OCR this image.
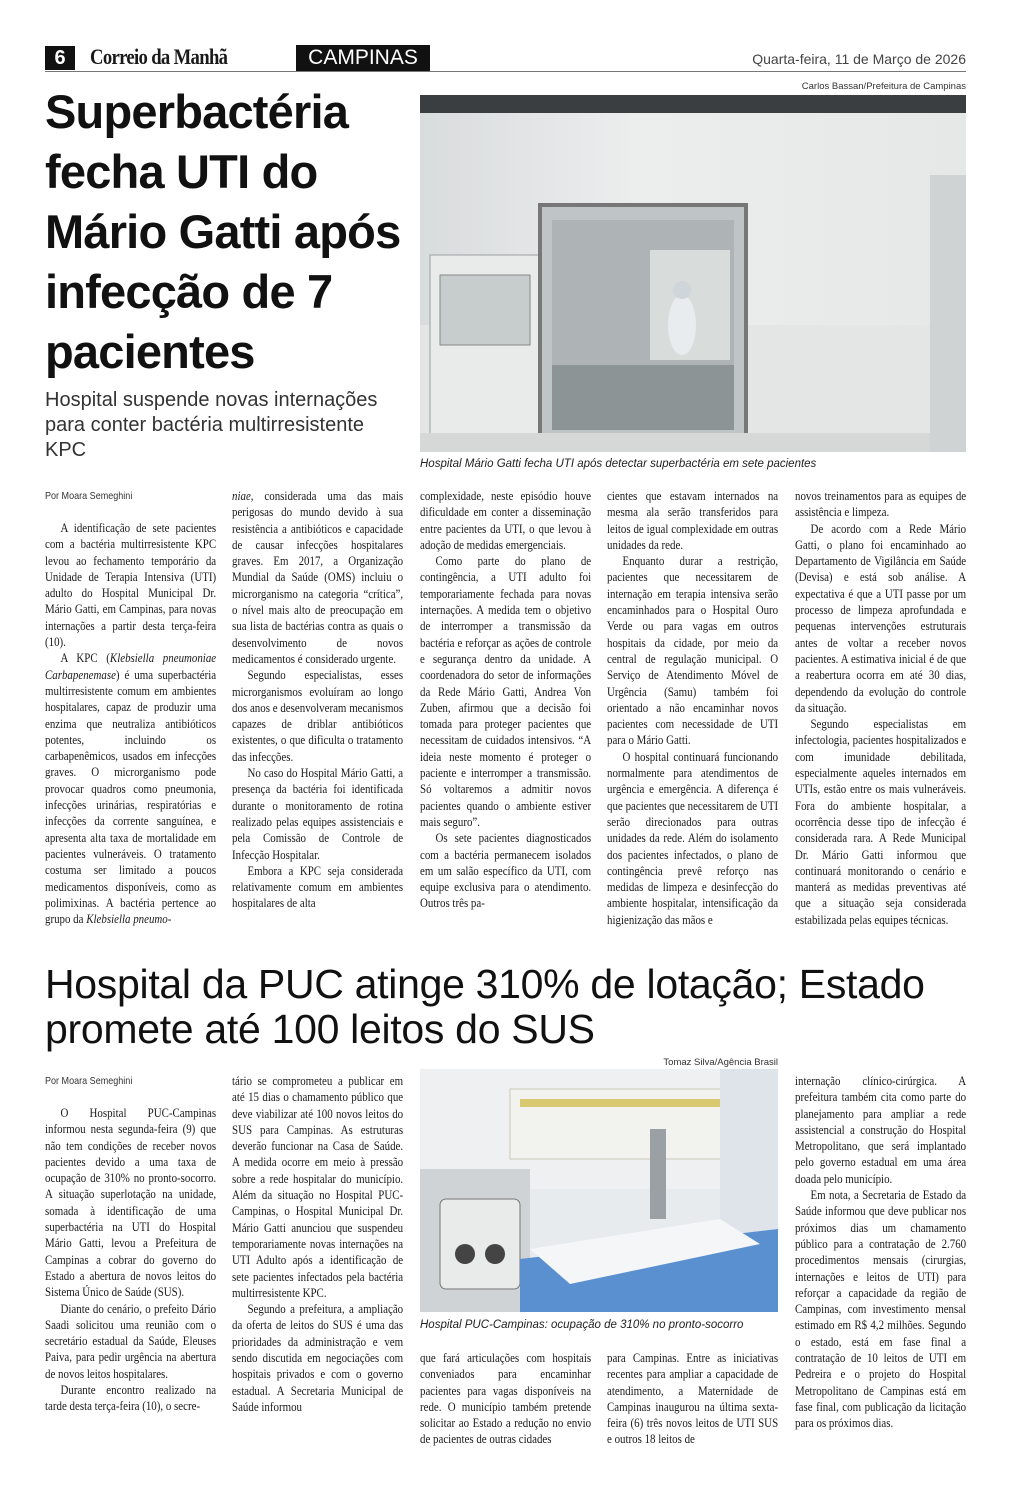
6	Correio da Manhã	CAMPINAS	Quarta-feira, 11 de Março de 2026
Superbactéria fecha UTI do Mário Gatti após infecção de 7 pacientes
Hospital suspende novas internações para conter bactéria multirresistente KPC
Carlos Bassan/Prefeitura de Campinas
Hospital Mário Gatti fecha UTI após detectar superbactéria em sete pacientes
Por Moara Semeghini

A identificação de sete pacientes com a bactéria multirresistente KPC levou ao fechamento temporário da Unidade de Terapia Intensiva (UTI) adulto do Hospital Municipal Dr. Mário Gatti, em Campinas, para novas internações a partir desta terça-feira (10).

A KPC (Klebsiella pneumoniae Carbapenemase) é uma superbactéria multirresistente comum em ambientes hospitalares, capaz de produzir uma enzima que neutraliza antibióticos potentes, incluindo os carbapenêmicos, usados em infecções graves. O microrganismo pode provocar quadros como pneumonia, infecções urinárias, respiratórias e infecções da corrente sanguínea, e apresenta alta taxa de mortalidade em pacientes vulneráveis. O tratamento costuma ser limitado a poucos medicamentos disponíveis, como as polimixinas. A bactéria pertence ao grupo da Klebsiella pneumo-

niae, considerada uma das mais perigosas do mundo devido à sua resistência a antibióticos e capacidade de causar infecções hospitalares graves. Em 2017, a Organização Mundial da Saúde (OMS) incluiu o microrganismo na categoria “crítica”, o nível mais alto de preocupação em sua lista de bactérias contra as quais o desenvolvimento de novos medicamentos é considerado urgente.

Segundo especialistas, esses microrganismos evoluíram ao longo dos anos e desenvolveram mecanismos capazes de driblar antibióticos existentes, o que dificulta o tratamento das infecções.

No caso do Hospital Mário Gatti, a presença da bactéria foi identificada durante o monitoramento de rotina realizado pelas equipes assistenciais e pela Comissão de Controle de Infecção Hospitalar.

Embora a KPC seja considerada relativamente comum em ambientes hospitalares de alta

complexidade, neste episódio houve dificuldade em conter a disseminação entre pacientes da UTI, o que levou à adoção de medidas emergenciais.

Como parte do plano de contingência, a UTI adulto foi temporariamente fechada para novas internações. A medida tem o objetivo de interromper a transmissão da bactéria e reforçar as ações de controle e segurança dentro da unidade. A coordenadora do setor de informações da Rede Mário Gatti, Andrea Von Zuben, afirmou que a decisão foi tomada para proteger pacientes que necessitam de cuidados intensivos. “A ideia neste momento é proteger o paciente e interromper a transmissão. Só voltaremos a admitir novos pacientes quando o ambiente estiver mais seguro”.

Os sete pacientes diagnosticados com a bactéria permanecem isolados em um salão específico da UTI, com equipe exclusiva para o atendimento. Outros três pa-

cientes que estavam internados na mesma ala serão transferidos para leitos de igual complexidade em outras unidades da rede.

Enquanto durar a restrição, pacientes que necessitarem de internação em terapia intensiva serão encaminhados para o Hospital Ouro Verde ou para vagas em outros hospitais da cidade, por meio da central de regulação municipal. O Serviço de Atendimento Móvel de Urgência (Samu) também foi orientado a não encaminhar novos pacientes com necessidade de UTI para o Mário Gatti.

O hospital continuará funcionando normalmente para atendimentos de urgência e emergência. A diferença é que pacientes que necessitarem de UTI serão direcionados para outras unidades da rede. Além do isolamento dos pacientes infectados, o plano de contingência prevê reforço nas medidas de limpeza e desinfecção do ambiente hospitalar, intensificação da higienização das mãos e

novos treinamentos para as equipes de assistência e limpeza.

De acordo com a Rede Mário Gatti, o plano foi encaminhado ao Departamento de Vigilância em Saúde (Devisa) e está sob análise. A expectativa é que a UTI passe por um processo de limpeza aprofundada e pequenas intervenções estruturais antes de voltar a receber novos pacientes. A estimativa inicial é de que a reabertura ocorra em até 30 dias, dependendo da evolução do controle da situação.

Segundo especialistas em infectologia, pacientes hospitalizados e com imunidade debilitada, especialmente aqueles internados em UTIs, estão entre os mais vulneráveis. Fora do ambiente hospitalar, a ocorrência desse tipo de infecção é considerada rara. A Rede Municipal Dr. Mário Gatti informou que continuará monitorando o cenário e manterá as medidas preventivas até que a situação seja considerada estabilizada pelas equipes técnicas.

Hospital da PUC atinge 310% de lotação; Estado promete até 100 leitos do SUS
Tomaz Silva/Agência Brasil
Hospital PUC-Campinas: ocupação de 310% no pronto-socorro
Por Moara Semeghini

O Hospital PUC-Campinas informou nesta segunda-feira (9) que não tem condições de receber novos pacientes devido a uma taxa de ocupação de 310% no pronto-socorro. A situação superlotação na unidade, somada à identificação de uma superbactéria na UTI do Hospital Mário Gatti, levou a Prefeitura de Campinas a cobrar do governo do Estado a abertura de novos leitos do Sistema Único de Saúde (SUS).

Diante do cenário, o prefeito Dário Saadi solicitou uma reunião com o secretário estadual da Saúde, Eleuses Paiva, para pedir urgência na abertura de novos leitos hospitalares.

Durante encontro realizado na tarde desta terça-feira (10), o secre-

tário se comprometeu a publicar em até 15 dias o chamamento público que deve viabilizar até 100 novos leitos do SUS para Campinas. As estruturas deverão funcionar na Casa de Saúde. A medida ocorre em meio à pressão sobre a rede hospitalar do município. Além da situação no Hospital PUC-Campinas, o Hospital Municipal Dr. Mário Gatti anunciou que suspendeu temporariamente novas internações na UTI Adulto após a identificação de sete pacientes infectados pela bactéria multirresistente KPC.

Segundo a prefeitura, a ampliação da oferta de leitos do SUS é uma das prioridades da administração e vem sendo discutida em negociações com hospitais privados e com o governo estadual. A Secretaria Municipal de Saúde informou

que fará articulações com hospitais conveniados para encaminhar pacientes para vagas disponíveis na rede. O município também pretende solicitar ao Estado a redução no envio de pacientes de outras cidades

para Campinas. Entre as iniciativas recentes para ampliar a capacidade de atendimento, a Maternidade de Campinas inaugurou na última sexta-feira (6) três novos leitos de UTI SUS e outros 18 leitos de

internação clínico-cirúrgica. A prefeitura também cita como parte do planejamento para ampliar a rede assistencial a construção do Hospital Metropolitano, que será implantado pelo governo estadual em uma área doada pelo município.

Em nota, a Secretaria de Estado da Saúde informou que deve publicar nos próximos dias um chamamento público para a contratação de 2.760 procedimentos mensais (cirurgias, internações e leitos de UTI) para reforçar a capacidade da região de Campinas, com investimento mensal estimado em R$ 4,2 milhões. Segundo o estado, está em fase final a contratação de 10 leitos de UTI em Pedreira e o projeto do Hospital Metropolitano de Campinas está em fase final, com publicação da licitação para os próximos dias.
